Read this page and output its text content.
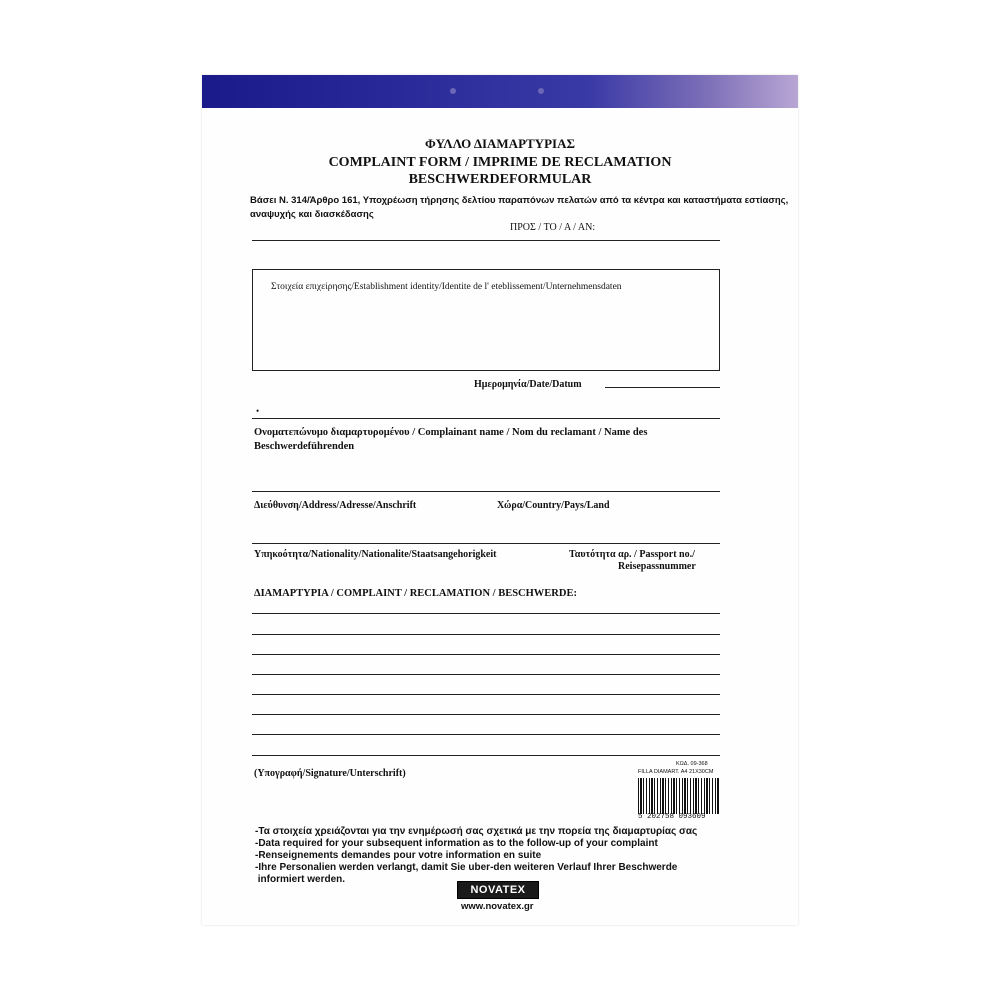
ΦΥΛΛΟ ΔΙΑΜΑΡΤΥΡΙΑΣ
COMPLAINT FORM / IMPRIME DE RECLAMATION
BESCHWERDEFORMULAR
Βάσει Ν. 314/Άρθρο 161, Υποχρέωση τήρησης δελτίου παραπόνων πελατών από τα κέντρα και καταστήματα εστίασης,
αναψυχής και διασκέδασης
ΠΡΟΣ / TO / A / AN:
Στοιχεία επιχείρησης/Establishment identity/Identite de l' eteblissement/Unternehmensdaten
Ημερομηνία/Date/Datum
•
Ονοματεπώνυμο διαμαρτυρομένου / Complainant name / Nom du reclamant / Name des
Beschwerdeführenden
Διεύθυνση/Address/Adresse/Anschrift	Χώρα/Country/Pays/Land
Υπηκοότητα/Nationality/Nationalite/Staatsangehorigkeit	Ταυτότητα αρ. / Passport no./
Reisepassnummer
ΔΙΑΜΑΡΤΥΡΙΑ / COMPLAINT / RECLAMATION / BESCHWERDE:
(Υπογραφή/Signature/Unterschrift)
ΚΩΔ. 09-368
FILLA DIAMART. A4 21X30CM
5 202758 093609
-Τα στοιχεία χρειάζονται για την ενημέρωσή σας σχετικά με την πορεία της διαμαρτυρίας σας
-Data required for your subsequent information as to the follow-up of your complaint
-Renseignements demandes pour votre information en suite
-Ihre Personalien werden verlangt, damit Sie uber-den weiteren Verlauf Ihrer Beschwerde
informiert werden.
NOVATEX
www.novatex.gr
